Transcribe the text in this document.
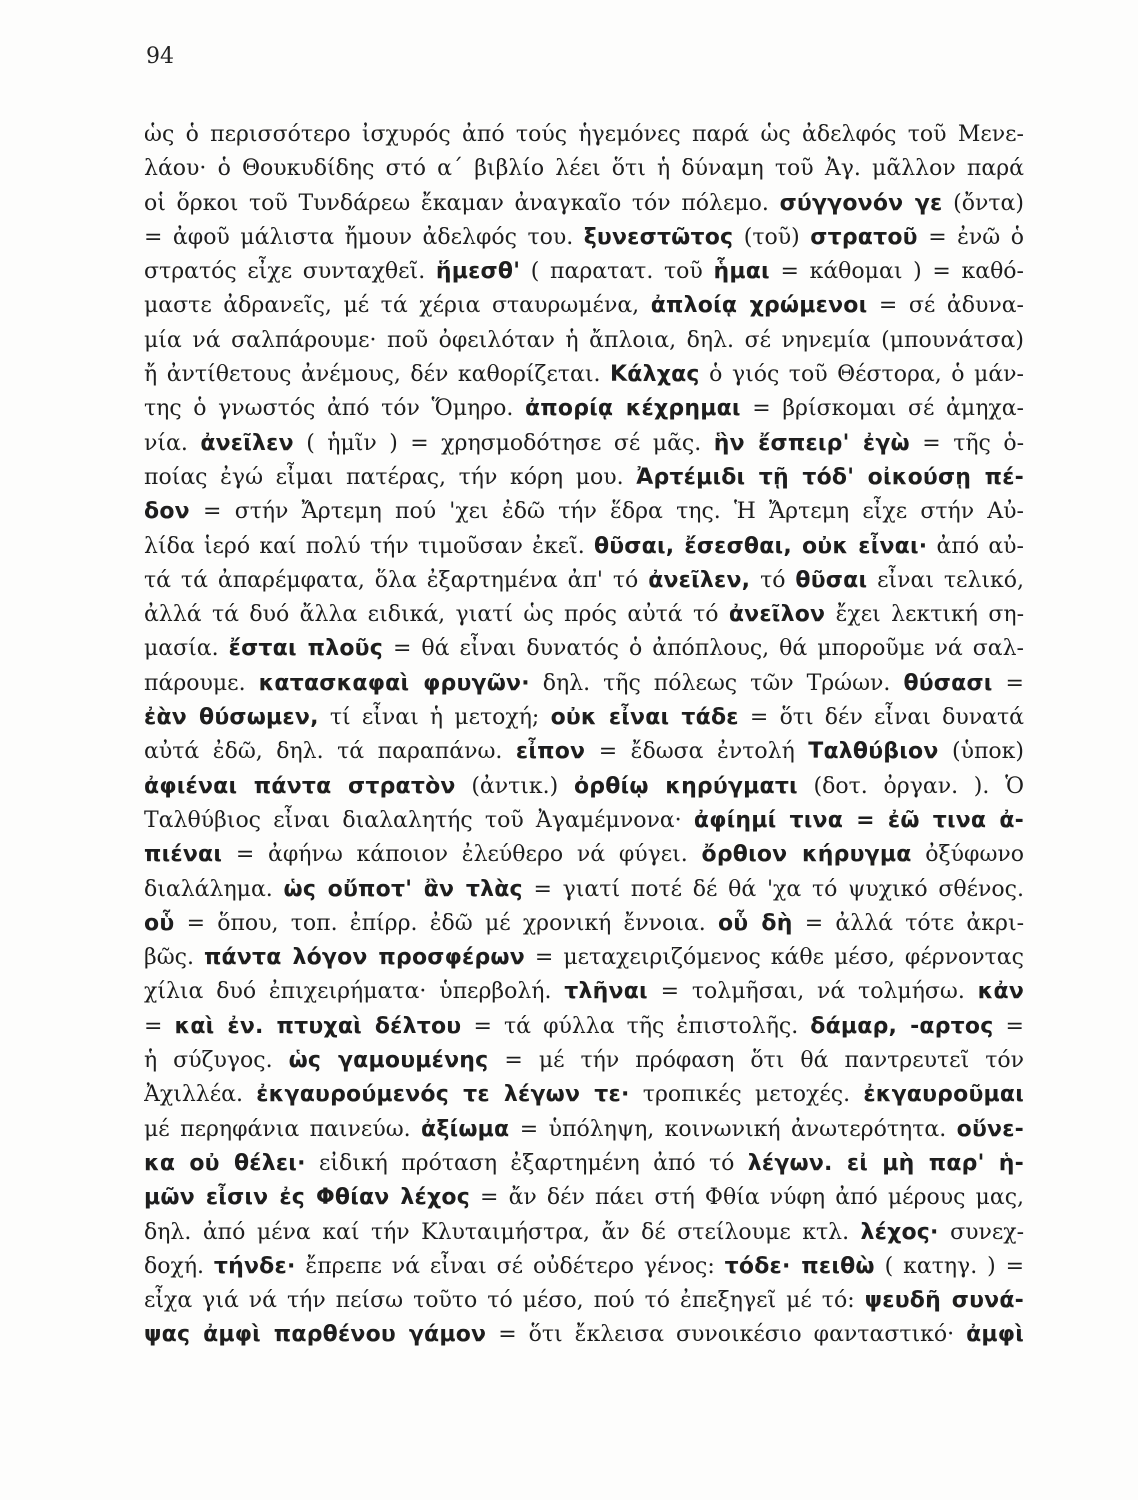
94
ὡς ὁ περισσότερο ἰσχυρός ἀπό τούς ἡγεμόνες παρά ὡς ἀδελφός τοῦ Μενε-
λάου· ὁ Θουκυδίδης στό α΄ βιβλίο λέει ὅτι ἡ δύναμη τοῦ Ἀγ. μᾶλλον παρά
οἱ ὅρκοι τοῦ Τυνδάρεω ἔκαμαν ἀναγκαῖο τόν πόλεμο. σύγγονόν γε (ὄντα)
= ἀφοῦ μάλιστα ἤμουν ἀδελφός του. ξυνεστῶτος (τοῦ) στρατοῦ = ἐνῶ ὁ
στρατός εἶχε συνταχθεῖ. ἥμεσθ' ( παρατατ. τοῦ ἧμαι = κάθομαι ) = καθό-
μαστε ἀδρανεῖς, μέ τά χέρια σταυρωμένα, ἀπλοίᾳ χρώμενοι = σέ ἀδυνα-
μία νά σαλπάρουμε· ποῦ ὀφειλόταν ἡ ἄπλοια, δηλ. σέ νηνεμία (μπουνάτσα)
ἤ ἀντίθετους ἀνέμους, δέν καθορίζεται. Κάλχας ὁ γιός τοῦ Θέστορα, ὁ μάν-
της ὁ γνωστός ἀπό τόν Ὅμηρο. ἀπορίᾳ κέχρημαι = βρίσκομαι σέ ἀμηχα-
νία. ἀνεῖλεν ( ἡμῖν ) = χρησμοδότησε σέ μᾶς. ἣν ἔσπειρ' ἐγὼ = τῆς ὁ-
ποίας ἐγώ εἶμαι πατέρας, τήν κόρη μου. Ἀρτέμιδι τῇ τόδ' οἰκούσῃ πέ-
δον = στήν Ἄρτεμη πού 'χει ἐδῶ τήν ἕδρα της. Ἡ Ἄρτεμη εἶχε στήν Αὐ-
λίδα ἱερό καί πολύ τήν τιμοῦσαν ἐκεῖ. θῦσαι, ἔσεσθαι, οὐκ εἶναι· ἀπό αὐ-
τά τά ἀπαρέμφατα, ὅλα ἐξαρτημένα ἀπ' τό ἀνεῖλεν, τό θῦσαι εἶναι τελικό,
ἀλλά τά δυό ἄλλα ειδικά, γιατί ὡς πρός αὐτά τό ἀνεῖλον ἔχει λεκτική ση-
μασία. ἔσται πλοῦς = θά εἶναι δυνατός ὁ ἀπόπλους, θά μποροῦμε νά σαλ-
πάρουμε. κατασκαφαὶ φρυγῶν· δηλ. τῆς πόλεως τῶν Τρώων. θύσασι =
ἐὰν θύσωμεν, τί εἶναι ἡ μετοχή; οὐκ εἶναι τάδε = ὅτι δέν εἶναι δυνατά
αὐτά ἐδῶ, δηλ. τά παραπάνω. εἶπον = ἔδωσα ἐντολή Ταλθύβιον (ὑποκ)
ἀφιέναι πάντα στρατὸν (ἀντικ.) ὀρθίῳ κηρύγματι (δοτ. ὀργαν. ). Ὁ
Ταλθύβιος εἶναι διαλαλητής τοῦ Ἀγαμέμνονα· ἀφίημί τινα = ἐῶ τινα ἀ-
πιέναι = ἀφήνω κάποιον ἐλεύθερο νά φύγει. ὄρθιον κήρυγμα ὀξύφωνο
διαλάλημα. ὡς οὔποτ' ἂν τλὰς = γιατί ποτέ δέ θά 'χα τό ψυχικό σθένος.
οὗ = ὅπου, τοπ. ἐπίρρ. ἐδῶ μέ χρονική ἔννοια. οὗ δὴ = ἀλλά τότε ἀκρι-
βῶς. πάντα λόγον προσφέρων = μεταχειριζόμενος κάθε μέσο, φέρνοντας
χίλια δυό ἐπιχειρήματα· ὑπερβολή. τλῆναι = τολμῆσαι, νά τολμήσω. κἀν
= καὶ ἐν. πτυχαὶ δέλτου = τά φύλλα τῆς ἐπιστολῆς. δάμαρ, -αρτος =
ἡ σύζυγος. ὡς γαμουμένης = μέ τήν πρόφαση ὅτι θά παντρευτεῖ τόν
Ἀχιλλέα. ἐκγαυρούμενός τε λέγων τε· τροπικές μετοχές. ἐκγαυροῦμαι
μέ περηφάνια παινεύω. ἀξίωμα = ὑπόληψη, κοινωνική ἀνωτερότητα. οὕνε-
κα οὐ θέλει· εἰδική πρόταση ἐξαρτημένη ἀπό τό λέγων. εἰ μὴ παρ' ἡ-
μῶν εἶσιν ἐς Φθίαν λέχος = ἄν δέν πάει στή Φθία νύφη ἀπό μέρους μας,
δηλ. ἀπό μένα καί τήν Κλυταιμήστρα, ἄν δέ στείλουμε κτλ. λέχος· συνεχ-
δοχή. τήνδε· ἔπρεπε νά εἶναι σέ οὐδέτερο γένος: τόδε· πειθὼ ( κατηγ. ) =
εἶχα γιά νά τήν πείσω τοῦτο τό μέσο, πού τό ἐπεξηγεῖ μέ τό: ψευδῆ συνά-
ψας ἀμφὶ παρθένου γάμον = ὅτι ἔκλεισα συνοικέσιο φανταστικό· ἀμφὶ
